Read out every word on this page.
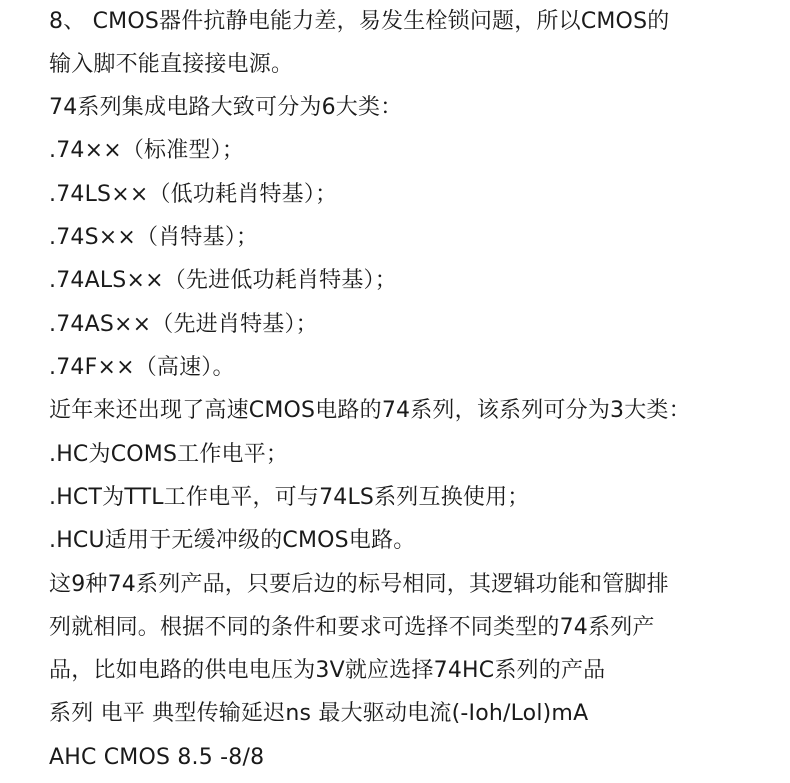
8、 CMOS器件抗静电能力差，易发生栓锁问题，所以CMOS的
输入脚不能直接接电源。
74系列集成电路大致可分为6大类：
.74××（标准型）；
.74LS××（低功耗肖特基）；
.74S××（肖特基）；
.74ALS××（先进低功耗肖特基）；
.74AS××（先进肖特基）；
.74F××（高速）。
近年来还出现了高速CMOS电路的74系列，该系列可分为3大类：
.HC为COMS工作电平；
.HCT为TTL工作电平，可与74LS系列互换使用；
.HCU适用于无缓冲级的CMOS电路。
这9种74系列产品，只要后边的标号相同，其逻辑功能和管脚排
列就相同。根据不同的条件和要求可选择不同类型的74系列产
品，比如电路的供电电压为3V就应选择74HC系列的产品
系列 电平 典型传输延迟ns 最大驱动电流(-Ioh/Lol)mA
AHC CMOS 8.5 -8/8
